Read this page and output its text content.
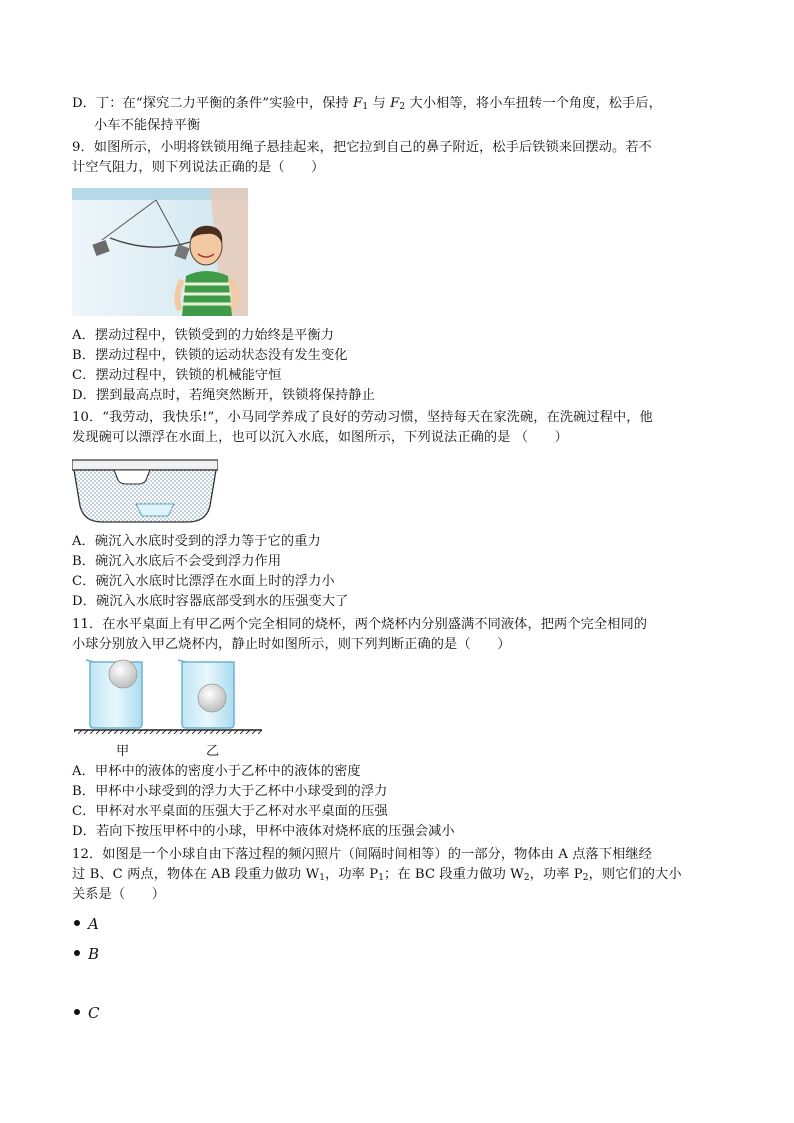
D．丁：在“探究二力平衡的条件”实验中，保持 $F_1$ 与 $F_2$ 大小相等，将小车扭转一个角度，松手后，
小车不能保持平衡
9．如图所示，小明将铁锁用绳子悬挂起来，把它拉到自己的鼻子附近，松手后铁锁来回摆动。若不
计空气阻力，则下列说法正确的是（　　）
A．摆动过程中，铁锁受到的力始终是平衡力
B．摆动过程中，铁锁的运动状态没有发生变化
C．摆动过程中，铁锁的机械能守恒
D．摆到最高点时，若绳突然断开，铁锁将保持静止
10．“我劳动，我快乐!”，小马同学养成了良好的劳动习惯，坚持每天在家洗碗，在洗碗过程中，他
发现碗可以漂浮在水面上，也可以沉入水底，如图所示，下列说法正确的是 （　　）
A．碗沉入水底时受到的浮力等于它的重力
B．碗沉入水底后不会受到浮力作用
C．碗沉入水底时比漂浮在水面上时的浮力小
D．碗沉入水底时容器底部受到水的压强变大了
11．在水平桌面上有甲乙两个完全相同的烧杯，两个烧杯内分别盛满不同液体，把两个完全相同的
小球分别放入甲乙烧杯内，静止时如图所示，则下列判断正确的是（　　）
甲	乙
A．甲杯中的液体的密度小于乙杯中的液体的密度
B．甲杯中小球受到的浮力大于乙杯中小球受到的浮力
C．甲杯对水平桌面的压强大于乙杯对水平桌面的压强
D．若向下按压甲杯中的小球，甲杯中液体对烧杯底的压强会减小
12．如图是一个小球自由下落过程的频闪照片（间隔时间相等）的一部分，物体由 A 点落下相继经
过 B、C 两点，物体在 AB 段重力做功 $W_1$，功率 $P_1$；在 BC 段重力做功 $W_2$，功率 $P_2$，则它们的大小
关系是（　　）
A
B
C
